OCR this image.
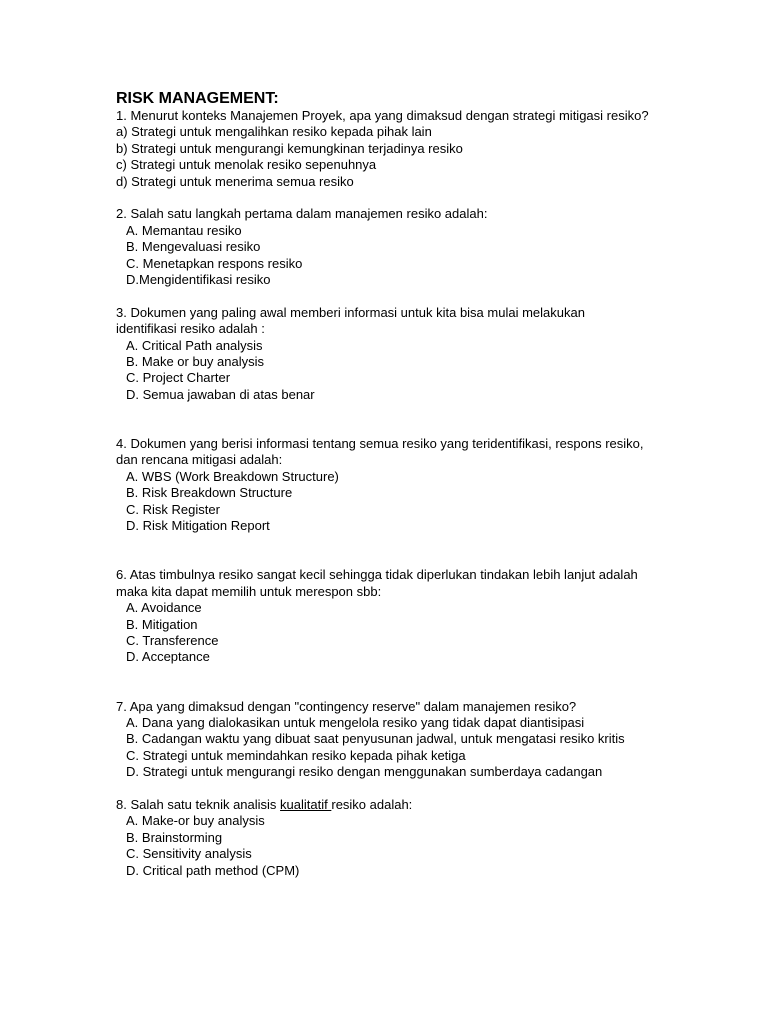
RISK MANAGEMENT:

1. Menurut konteks Manajemen Proyek, apa yang dimaksud dengan strategi mitigasi resiko?

a) Strategi untuk mengalihkan resiko kepada pihak lain

b) Strategi untuk mengurangi kemungkinan terjadinya resiko

c) Strategi untuk menolak resiko sepenuhnya

d) Strategi untuk menerima semua resiko

2. Salah satu langkah pertama dalam manajemen resiko adalah:

A. Memantau resiko

B. Mengevaluasi resiko

C. Menetapkan respons resiko

D.Mengidentifikasi resiko

3. Dokumen yang paling awal memberi informasi untuk kita bisa mulai melakukan

identifikasi resiko adalah :

A. Critical Path analysis

B. Make or buy analysis

C. Project Charter

D. Semua jawaban di atas benar

4. Dokumen yang berisi informasi tentang semua resiko yang teridentifikasi, respons resiko,

dan rencana mitigasi adalah:

A. WBS (Work Breakdown Structure)

B. Risk Breakdown Structure

C. Risk Register

D. Risk Mitigation Report

6. Atas timbulnya resiko sangat kecil sehingga tidak diperlukan tindakan lebih lanjut adalah

maka kita dapat memilih untuk merespon sbb:

A. Avoidance

B. Mitigation

C. Transference

D. Acceptance

7. Apa yang dimaksud dengan "contingency reserve" dalam manajemen resiko?

A. Dana yang dialokasikan untuk mengelola resiko yang tidak dapat diantisipasi

B. Cadangan waktu yang dibuat saat penyusunan jadwal, untuk mengatasi resiko kritis

C. Strategi untuk memindahkan resiko kepada pihak ketiga

D. Strategi untuk mengurangi resiko dengan menggunakan sumberdaya cadangan

8. Salah satu teknik analisis kualitatif resiko adalah:

A. Make-or buy analysis

B. Brainstorming

C. Sensitivity analysis

D. Critical path method (CPM)
